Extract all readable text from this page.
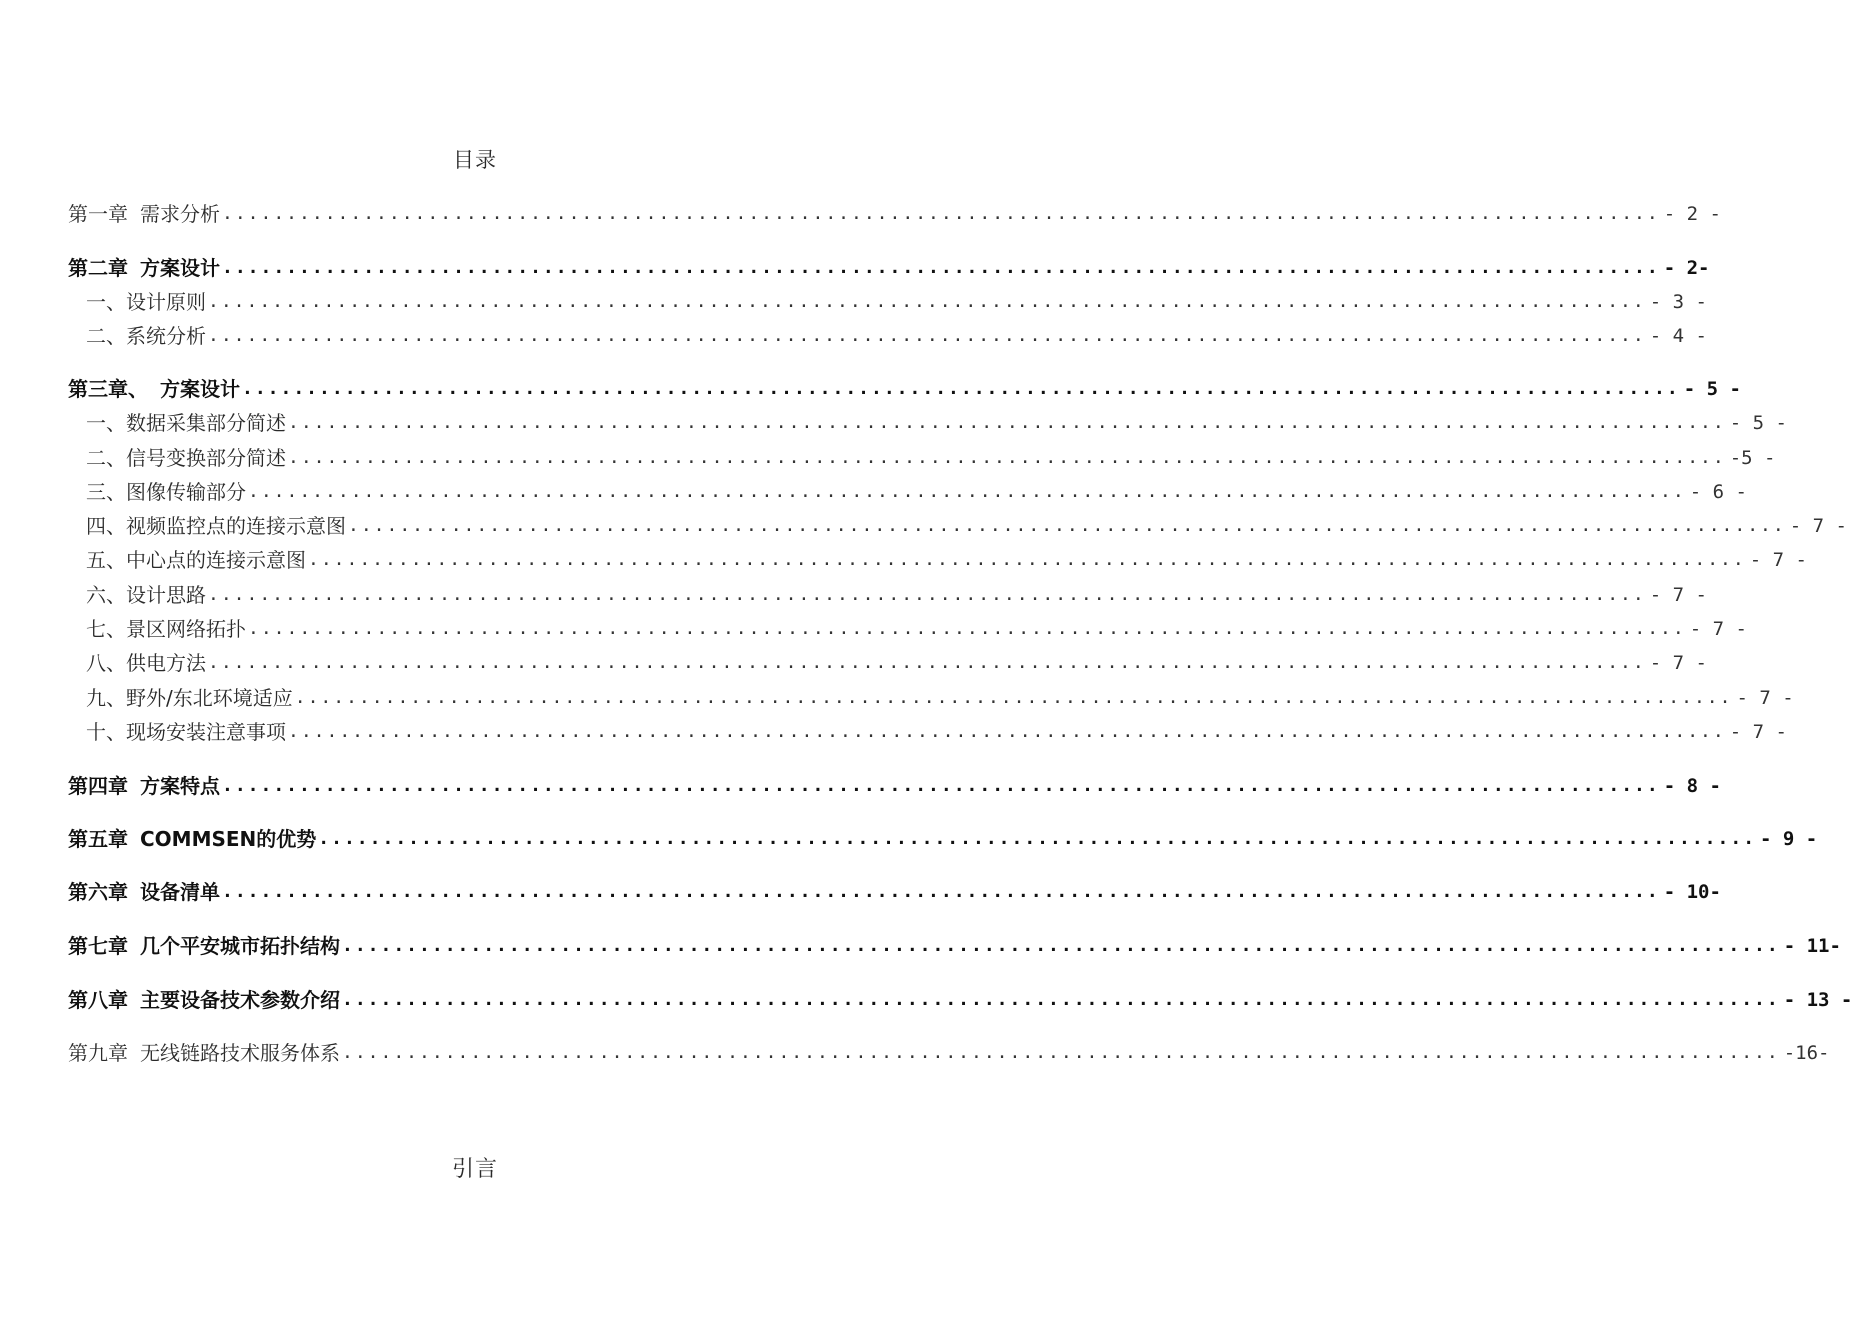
目录
第一章 需求分析 ................................................................................................................ - 2 -
第二章 方案设计 ................................................................................................................ - 2-
一、 设计原则 ................................................................................................................ - 3 -
二、 系统分析 ................................................................................................................ - 4 -
第三章、 方案设计 ................................................................................................................ - 5 -
一、 数据采集部分简述 ................................................................................................................ - 5 -
二、 信号变换部分简述 ................................................................................................................ -5 -
三、 图像传输部分 ................................................................................................................ - 6 -
四、 视频监控点的连接示意图 ................................................................................................................ - 7 -
五、 中心点的连接示意图 ................................................................................................................ - 7 -
六、 设计思路 ................................................................................................................ - 7 -
七、 景区网络拓扑 ................................................................................................................ - 7 -
八、 供电方法 ................................................................................................................ - 7 -
九、 野外/东北环境适应 ................................................................................................................ - 7 -
十、 现场安装注意事项 ................................................................................................................ - 7 -
第四章 方案特点 ................................................................................................................ - 8 -
第五章 COMMSEN的优势 ................................................................................................................ - 9 -
第六章 设备清单 ................................................................................................................ - 10-
第七章 几个平安城市拓扑结构 ................................................................................................................ - 11-
第八章 主要设备技术参数介绍 ................................................................................................................ - 13 -
第九章 无线链路技术服务体系 ................................................................................................................ -16-
引言
